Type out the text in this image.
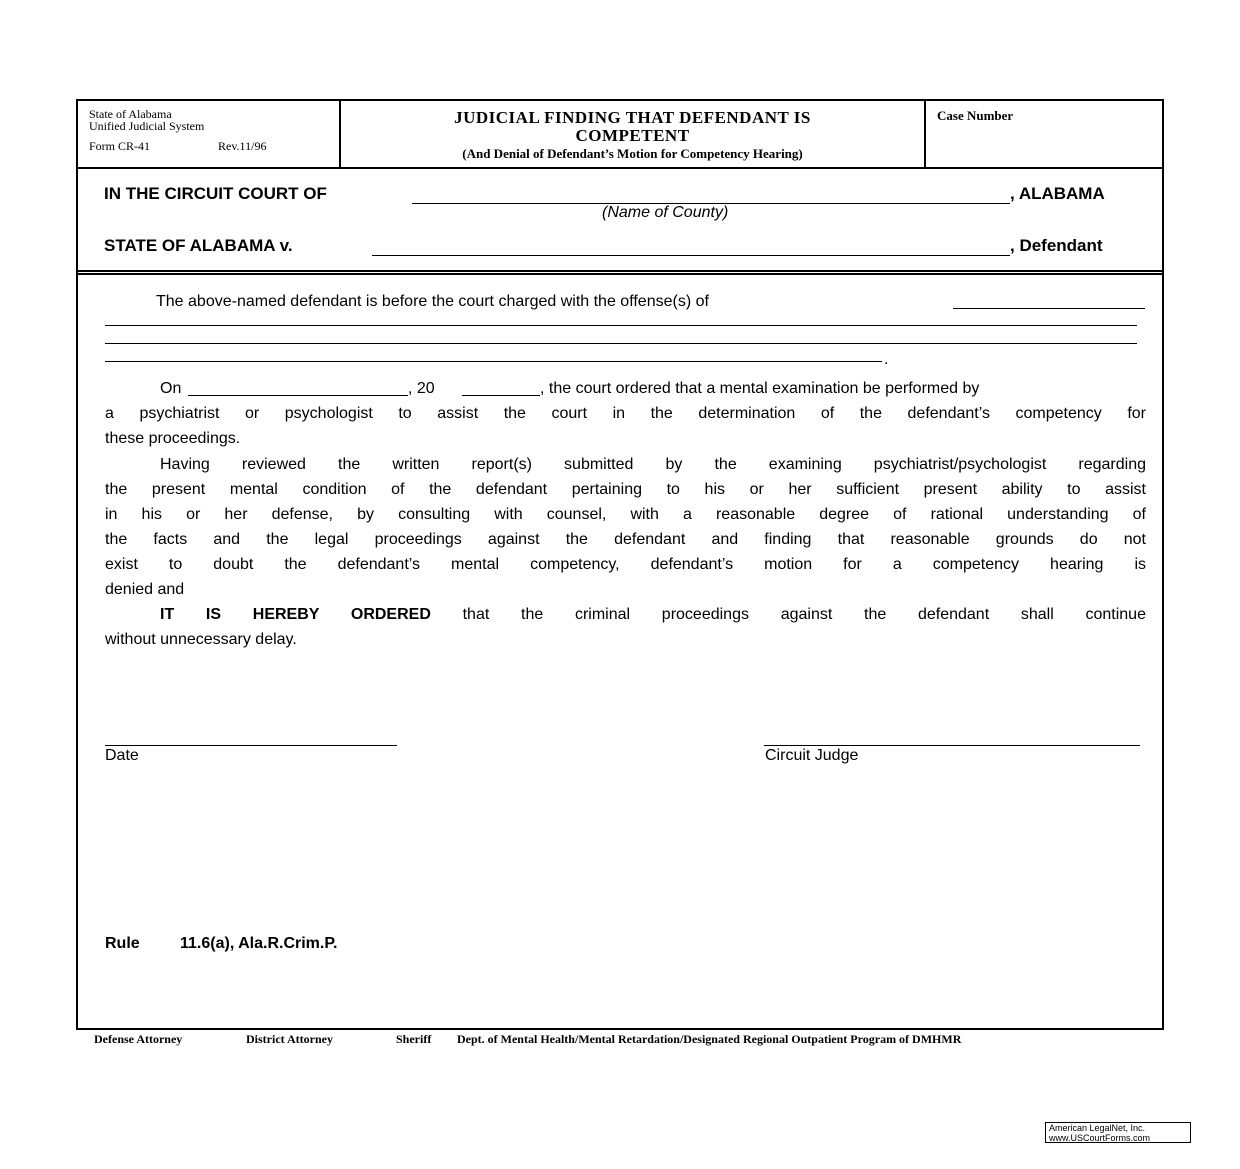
State of Alabama
Unified Judicial System
Form CR-41	Rev.11/96
JUDICIAL FINDING THAT DEFENDANT IS
COMPETENT
(And Denial of Defendant’s Motion for Competency Hearing)
Case Number
IN THE CIRCUIT COURT OF	, ALABAMA
(Name of County)
STATE OF ALABAMA v.	, Defendant
The above-named defendant is before the court charged with the offense(s) of
.
On	, 20	, the court ordered that a mental examination be performed by
a psychiatrist or psychologist to assist the court in the determination of the defendant’s competency for
these proceedings.
Having reviewed the written report(s) submitted by the examining psychiatrist/psychologist regarding
the present mental condition of the defendant pertaining to his or her sufficient present ability to assist
in his or her defense, by consulting with counsel, with a reasonable degree of rational understanding of
the facts and the legal proceedings against the defendant and finding that reasonable grounds do not
exist to doubt the defendant’s mental competency, defendant’s motion for a competency hearing is
denied and
IT IS HEREBY ORDERED that the criminal proceedings against the defendant shall continue
without unnecessary delay.
Date	Circuit Judge
Rule	11.6(a), Ala.R.Crim.P.
Defense Attorney	District Attorney	Sheriff Dept. of Mental Health/Mental Retardation/Designated Regional Outpatient Program of DMHMR
American LegalNet, Inc.
www.USCourtForms.com
